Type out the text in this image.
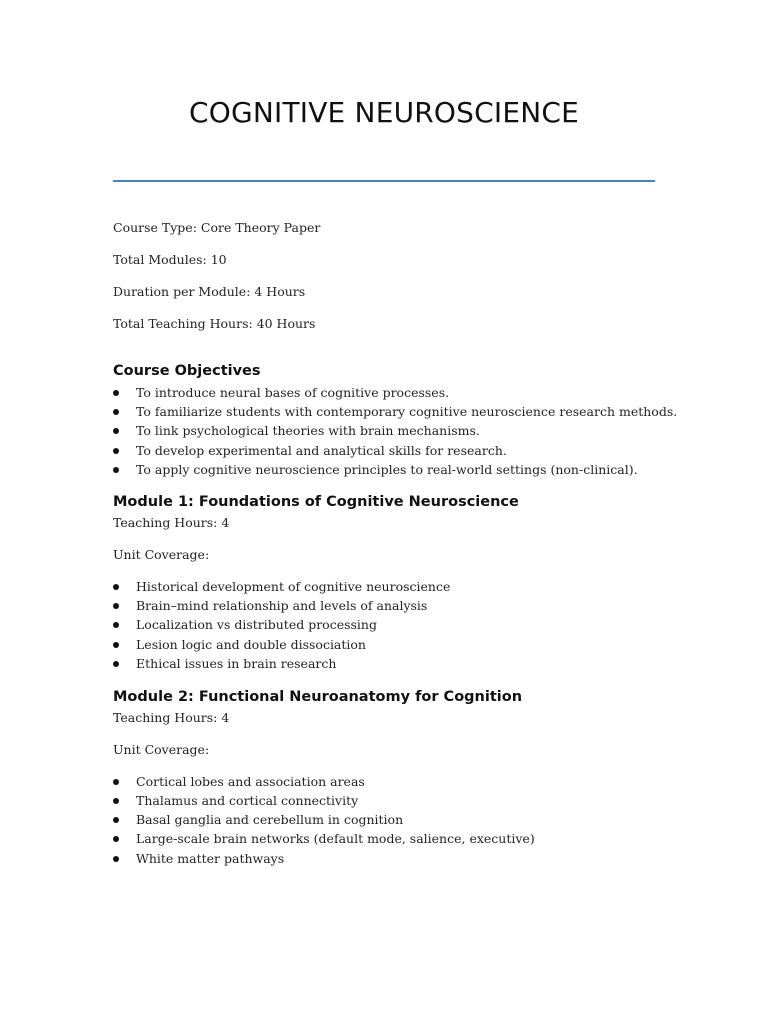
COGNITIVE NEUROSCIENCE

Course Type: Core Theory Paper

Total Modules: 10

Duration per Module: 4 Hours

Total Teaching Hours: 40 Hours

Course Objectives
To introduce neural bases of cognitive processes.
To familiarize students with contemporary cognitive neuroscience research methods.
To link psychological theories with brain mechanisms.
To develop experimental and analytical skills for research.
To apply cognitive neuroscience principles to real-world settings (non-clinical).
Module 1: Foundations of Cognitive Neuroscience

Teaching Hours: 4

Unit Coverage:

Historical development of cognitive neuroscience
Brain–mind relationship and levels of analysis
Localization vs distributed processing
Lesion logic and double dissociation
Ethical issues in brain research
Module 2: Functional Neuroanatomy for Cognition

Teaching Hours: 4

Unit Coverage:

Cortical lobes and association areas
Thalamus and cortical connectivity
Basal ganglia and cerebellum in cognition
Large-scale brain networks (default mode, salience, executive)
White matter pathways
